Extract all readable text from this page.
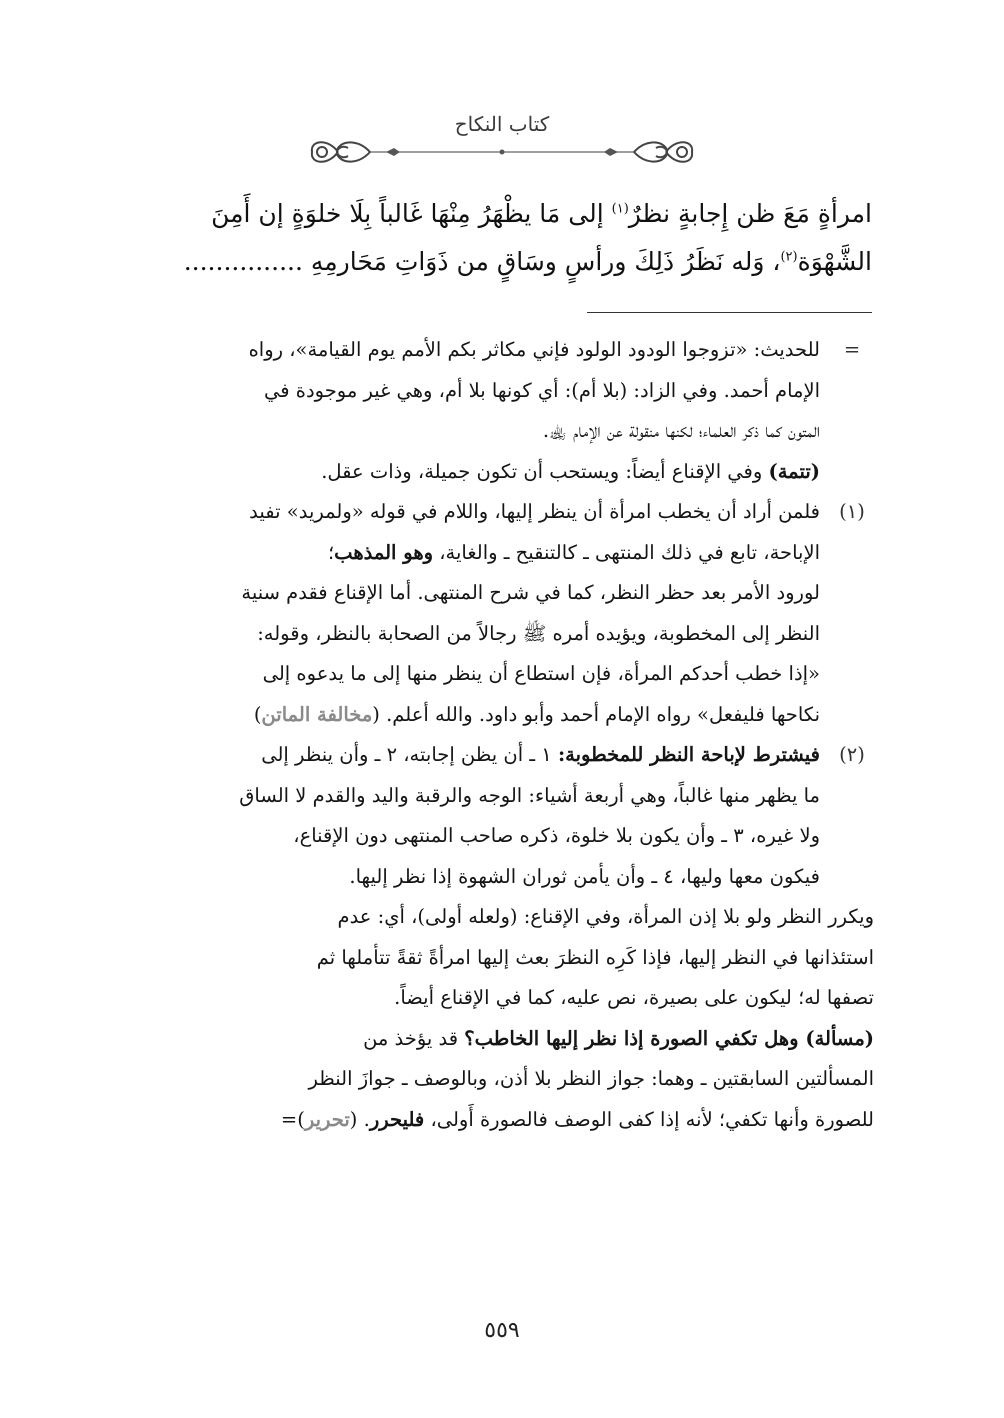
كتاب النكاح
امرأةٍ مَعَ ظن إِجابةٍ نظرٌ$^{(١)}$ إلى مَا يظْهَرُ مِنْهَا غَالباً بِلَا خلوَةٍ إن أَمِنَ
الشَّهْوَة$^{(٢)}$، وَله نَظَرُ ذَلِكَ ورأسٍ وسَاقٍ من ذَوَاتِ مَحَارمِهِ ...............
=
للحديث: «تزوجوا الودود الولود فإني مكاثر بكم الأمم يوم القيامة»، رواه
الإمام أحمد. وفي الزاد: (بلا أم): أي كونها بلا أم، وهي غير موجودة في
المتون كما ذكر العلماء؛ لكنها منقولة عن الإمام ﵀.
(تتمة) وفي الإقناع أيضاً: ويستحب أن تكون جميلة، وذات عقل.
(١)
فلمن أراد أن يخطب امرأة أن ينظر إليها، واللام في قوله «ولمريد» تفيد
الإباحة، تابع في ذلك المنتهى ـ كالتنقيح ـ والغاية، وهو المذهب؛
لورود الأمر بعد حظر النظر، كما في شرح المنتهى. أما الإقناع فقدم سنية
النظر إلى المخطوبة، ويؤيده أمره ﷺ رجالاً من الصحابة بالنظر، وقوله:
«إذا خطب أحدكم المرأة، فإن استطاع أن ينظر منها إلى ما يدعوه إلى
نكاحها فليفعل» رواه الإمام أحمد وأبو داود. والله أعلم. (مخالفة الماتن)
(٢)
فيشترط لإباحة النظر للمخطوبة: ١ ـ أن يظن إجابته، ٢ ـ وأن ينظر إلى
ما يظهر منها غالباً، وهي أربعة أشياء: الوجه والرقبة واليد والقدم لا الساق
ولا غيره، ٣ ـ وأن يكون بلا خلوة، ذكره صاحب المنتهى دون الإقناع،
فيكون معها وليها، ٤ ـ وأن يأمن ثوران الشهوة إذا نظر إليها.
ويكرر النظر ولو بلا إذن المرأة، وفي الإقناع: (ولعله أولى)، أي: عدم
استئذانها في النظر إليها، فإذا كَرِه النظرَ بعث إليها امرأةً ثقةً تتأملها ثم
تصفها له؛ ليكون على بصيرة، نص عليه، كما في الإقناع أيضاً.
(مسألة) وهل تكفي الصورة إذا نظر إليها الخاطب؟ قد يؤخذ من
المسألتين السابقتين ـ وهما: جواز النظر بلا أذن، وبالوصف ـ جوازَ النظر
للصورة وأنها تكفي؛ لأنه إذا كفى الوصف فالصورة أَولى، فليحرر. (تحرير)=
٥٥٩
